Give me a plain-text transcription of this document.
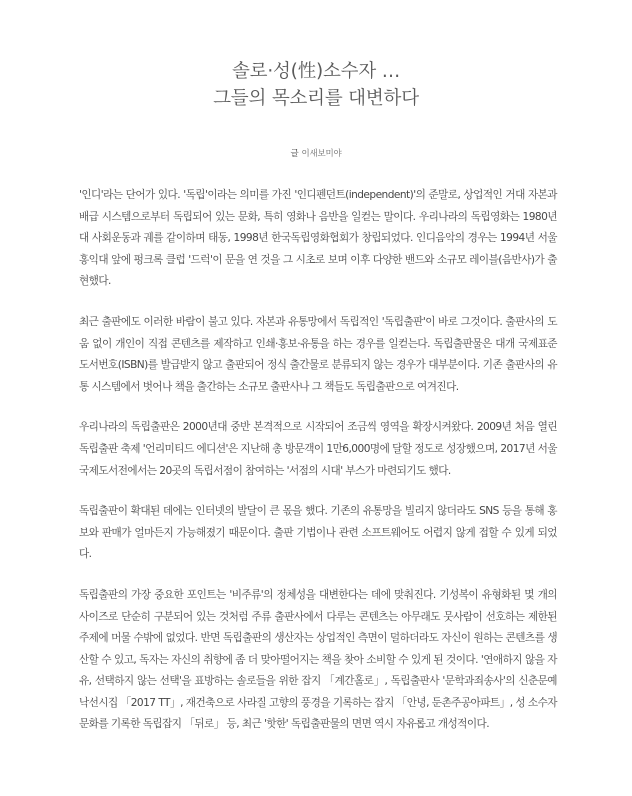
솔로·성(性)소수자 …
그들의 목소리를 대변하다
글 이새보미야

'인디'라는 단어가 있다. '독립'이라는 의미를 가진 '인디펜던트(independent)'의 준말로, 상업적인 거대 자본과 배급 시스템으로부터 독립되어 있는 문화, 특히 영화나 음반을 일컫는 말이다. 우리나라의 독립영화는 1980년대 사회운동과 궤를 같이하며 태동, 1998년 한국독립영화협회가 창립되었다. 인디음악의 경우는 1994년 서울 홍익대 앞에 펑크록 클럽 '드럭'이 문을 연 것을 그 시초로 보며 이후 다양한 밴드와 소규모 레이블(음반사)가 출현했다.

최근 출판에도 이러한 바람이 불고 있다. 자본과 유통망에서 독립적인 '독립출판'이 바로 그것이다. 출판사의 도움 없이 개인이 직접 콘텐츠를 제작하고 인쇄·홍보·유통을 하는 경우를 일컫는다. 독립출판물은 대개 국제표준도서번호(ISBN)를 발급받지 않고 출판되어 정식 출간물로 분류되지 않는 경우가 대부분이다. 기존 출판사의 유통 시스템에서 벗어나 책을 출간하는 소규모 출판사나 그 책들도 독립출판으로 여겨진다.

우리나라의 독립출판은 2000년대 중반 본격적으로 시작되어 조금씩 영역을 확장시켜왔다. 2009년 처음 열린 독립출판 축제 '언리미티드 에디션'은 지난해 총 방문객이 1만6,000명에 달할 정도로 성장했으며, 2017년 서울국제도서전에서는 20곳의 독립서점이 참여하는 '서점의 시대' 부스가 마련되기도 했다.

독립출판이 확대된 데에는 인터넷의 발달이 큰 몫을 했다. 기존의 유통망을 빌리지 않더라도 SNS 등을 통해 홍보와 판매가 얼마든지 가능해졌기 때문이다. 출판 기법이나 관련 소프트웨어도 어렵지 않게 접할 수 있게 되었다.

독립출판의 가장 중요한 포인트는 '비주류'의 정체성을 대변한다는 데에 맞춰진다. 기성복이 유형화된 몇 개의 사이즈로 단순히 구분되어 있는 것처럼 주류 출판사에서 다루는 콘텐츠는 아무래도 뭇사람이 선호하는 제한된 주제에 머물 수밖에 없었다. 반면 독립출판의 생산자는 상업적인 측면이 덜하더라도 자신이 원하는 콘텐츠를 생산할 수 있고, 독자는 자신의 취향에 좀 더 맞아떨어지는 책을 찾아 소비할 수 있게 된 것이다. '연애하지 않을 자유, 선택하지 않는 선택'을 표방하는 솔로들을 위한 잡지 「계간홀로」, 독립출판사 '문학과죄송사'의 신춘문예 낙선시집 「2017 TT」, 재건축으로 사라질 고향의 풍경을 기록하는 잡지 「안녕, 둔촌주공아파트」, 성 소수자 문화를 기록한 독립잡지 「뒤로」 등, 최근 '핫한' 독립출판물의 면면 역시 자유롭고 개성적이다.
